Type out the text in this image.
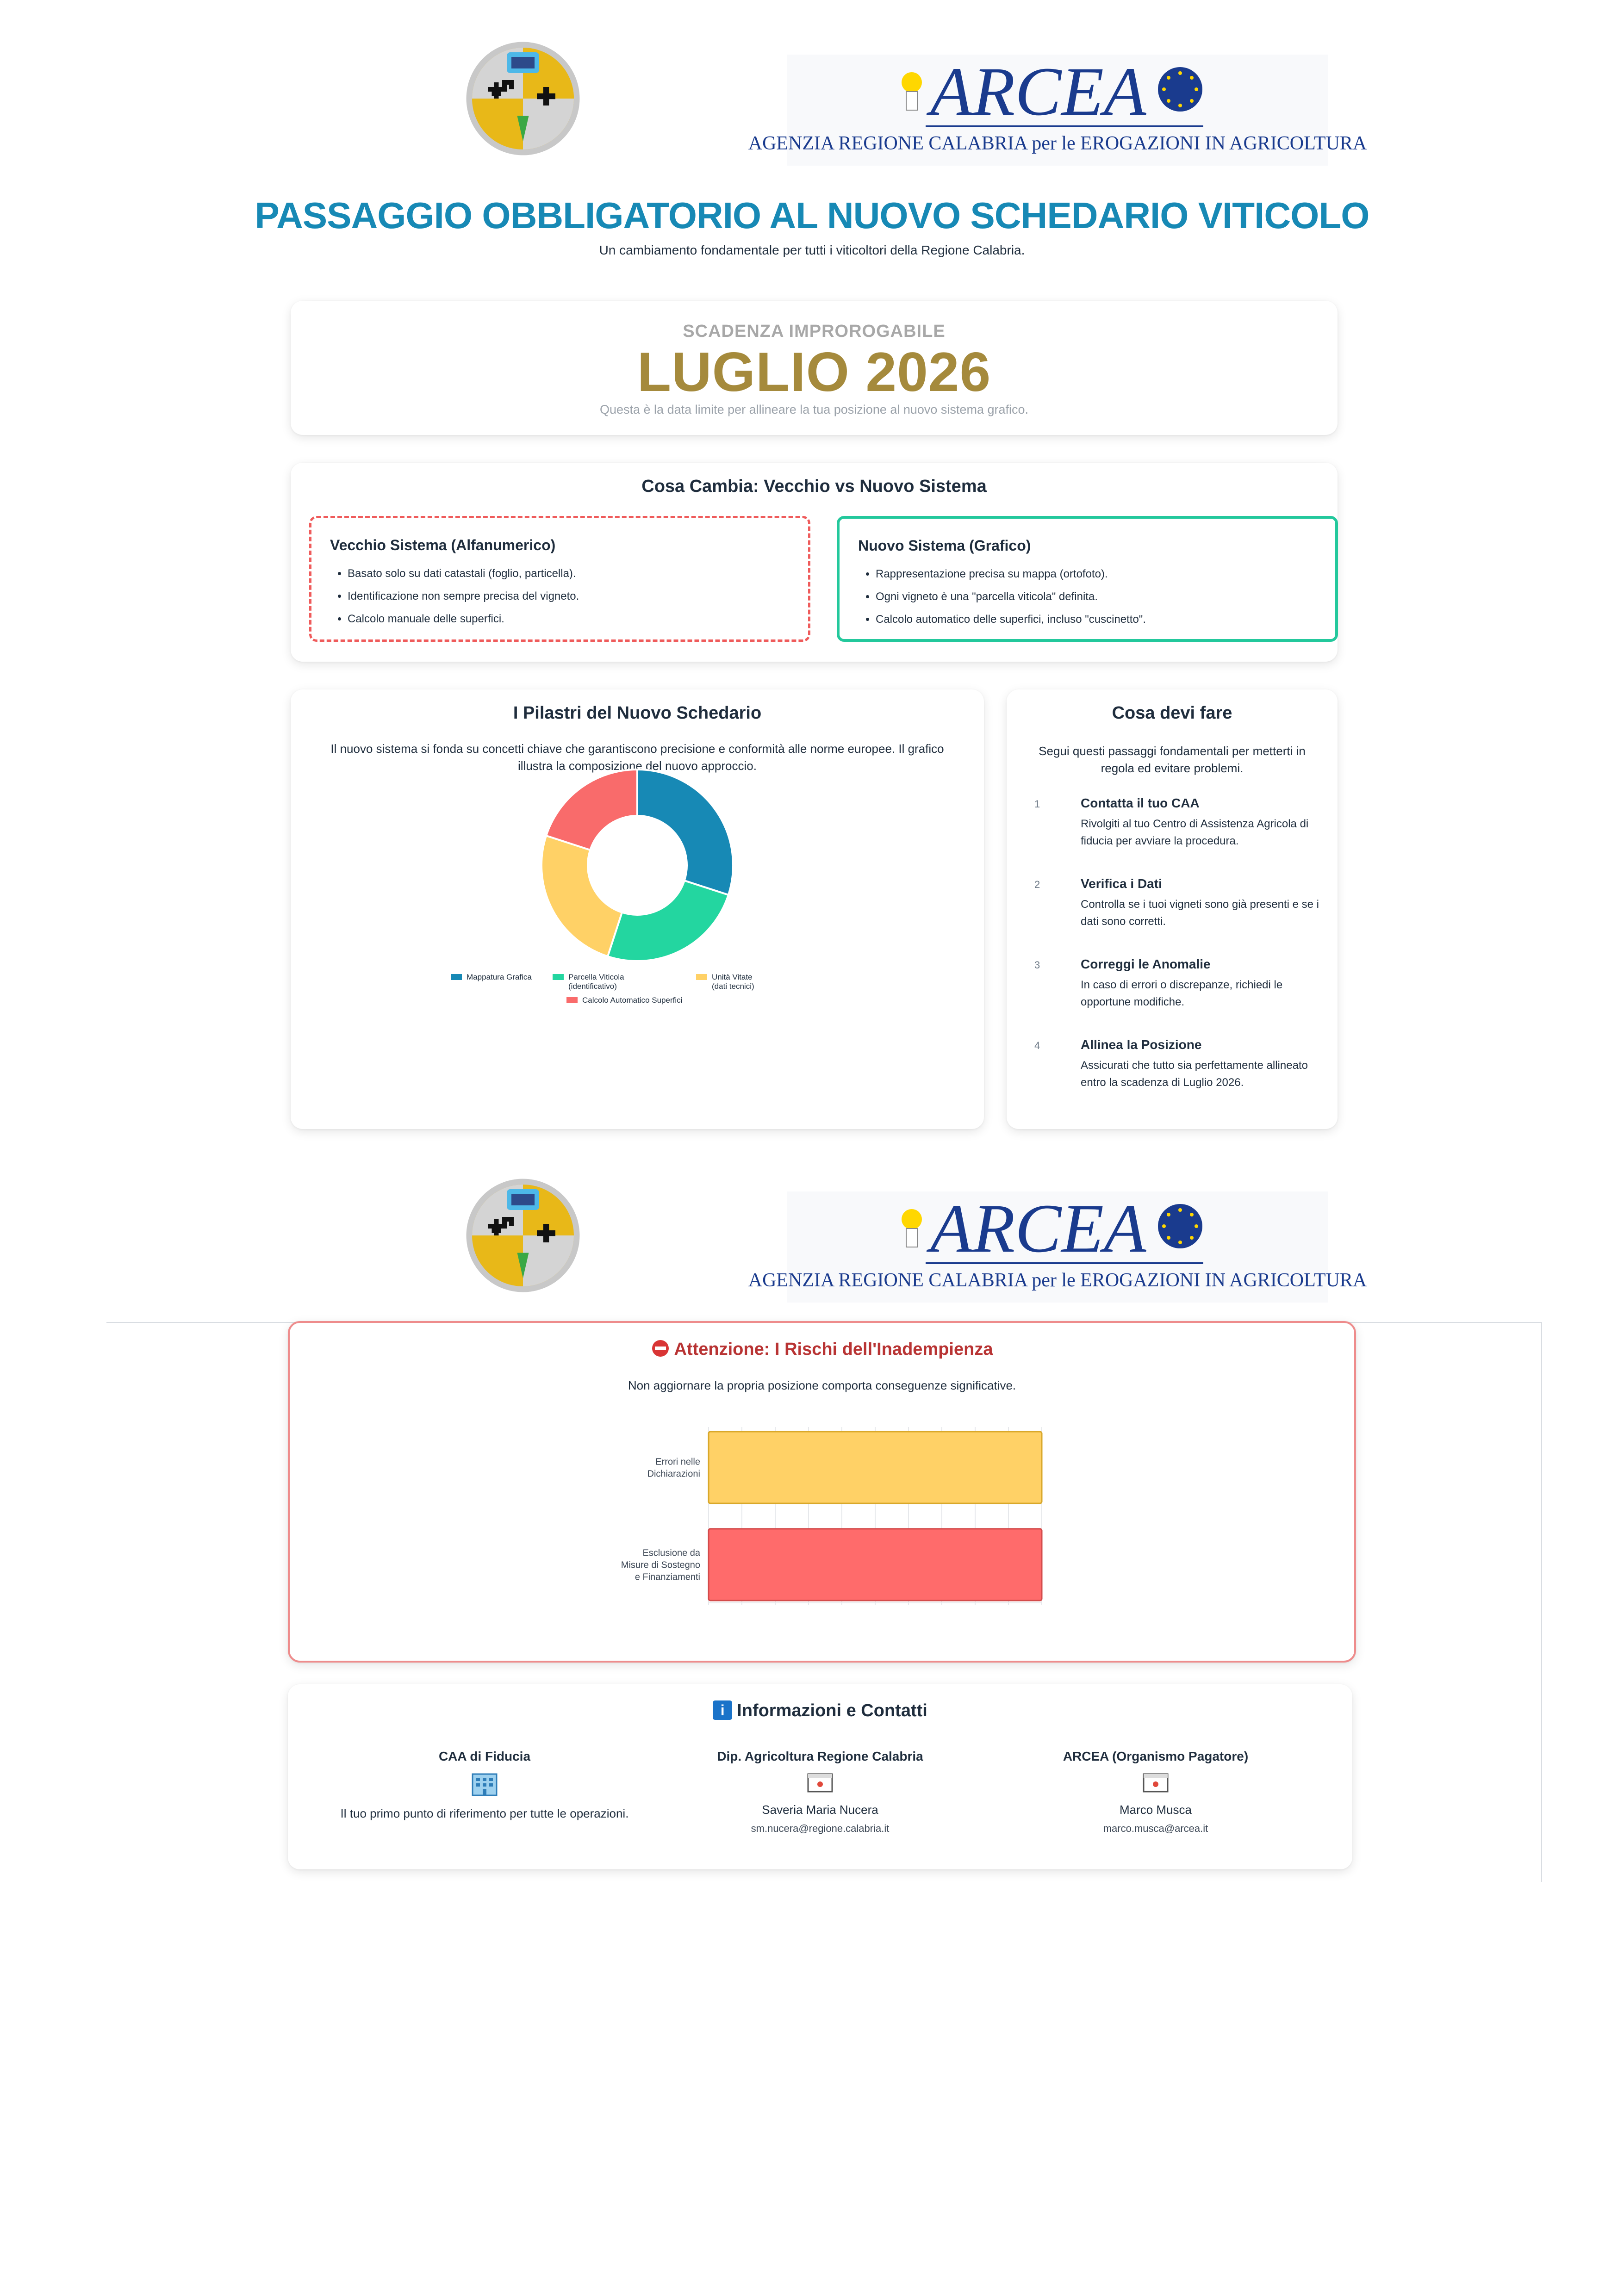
ARCEA
AGENZIA REGIONE CALABRIA per le EROGAZIONI IN AGRICOLTURA
PASSAGGIO OBBLIGATORIO AL NUOVO SCHEDARIO VITICOLO
Un cambiamento fondamentale per tutti i viticoltori della Regione Calabria.
SCADENZA IMPROROGABILE
LUGLIO 2026
Questa è la data limite per allineare la tua posizione al nuovo sistema grafico.
Cosa Cambia: Vecchio vs Nuovo Sistema
Vecchio Sistema (Alfanumerico)
• Basato solo su dati catastali (foglio, particella).
• Identificazione non sempre precisa del vigneto.
• Calcolo manuale delle superfici.
Nuovo Sistema (Grafico)
• Rappresentazione precisa su mappa (ortofoto).
• Ogni vigneto è una "parcella viticola" definita.
• Calcolo automatico delle superfici, incluso "cuscinetto".
I Pilastri del Nuovo Schedario
Il nuovo sistema si fonda su concetti chiave che garantiscono precisione e conformità alle norme europee. Il grafico illustra la composizione del nuovo approccio.
Mappatura Grafica	Parcella Viticola
(identificativo)
Unità Vitate
(dati tecnici)
Calcolo Automatico Superfici
Cosa devi fare
Segui questi passaggi fondamentali per metterti in regola ed evitare problemi.
1	Contatta il tuo CAA
Rivolgiti al tuo Centro di Assistenza Agricola di fiducia per avviare la procedura.
2	Verifica i Dati
Controlla se i tuoi vigneti sono già presenti e se i dati sono corretti.
3	Correggi le Anomalie
In caso di errori o discrepanze, richiedi le opportune modifiche.
4	Allinea la Posizione
Assicurati che tutto sia perfettamente allineato entro la scadenza di Luglio 2026.
ARCEA
AGENZIA REGIONE CALABRIA per le EROGAZIONI IN AGRICOLTURA
Attenzione: I Rischi dell'Inadempienza
Non aggiornare la propria posizione comporta conseguenze significative.
Errori nelle
Dichiarazioni
Esclusione da
Misure di Sostegno
e Finanziamenti
i Informazioni e Contatti
CAA di Fiducia
Il tuo primo punto di riferimento per tutte le operazioni.
Dip. Agricoltura Regione Calabria
Saveria Maria Nucera
sm.nucera@regione.calabria.it
ARCEA (Organismo Pagatore)
Marco Musca
marco.musca@arcea.it
